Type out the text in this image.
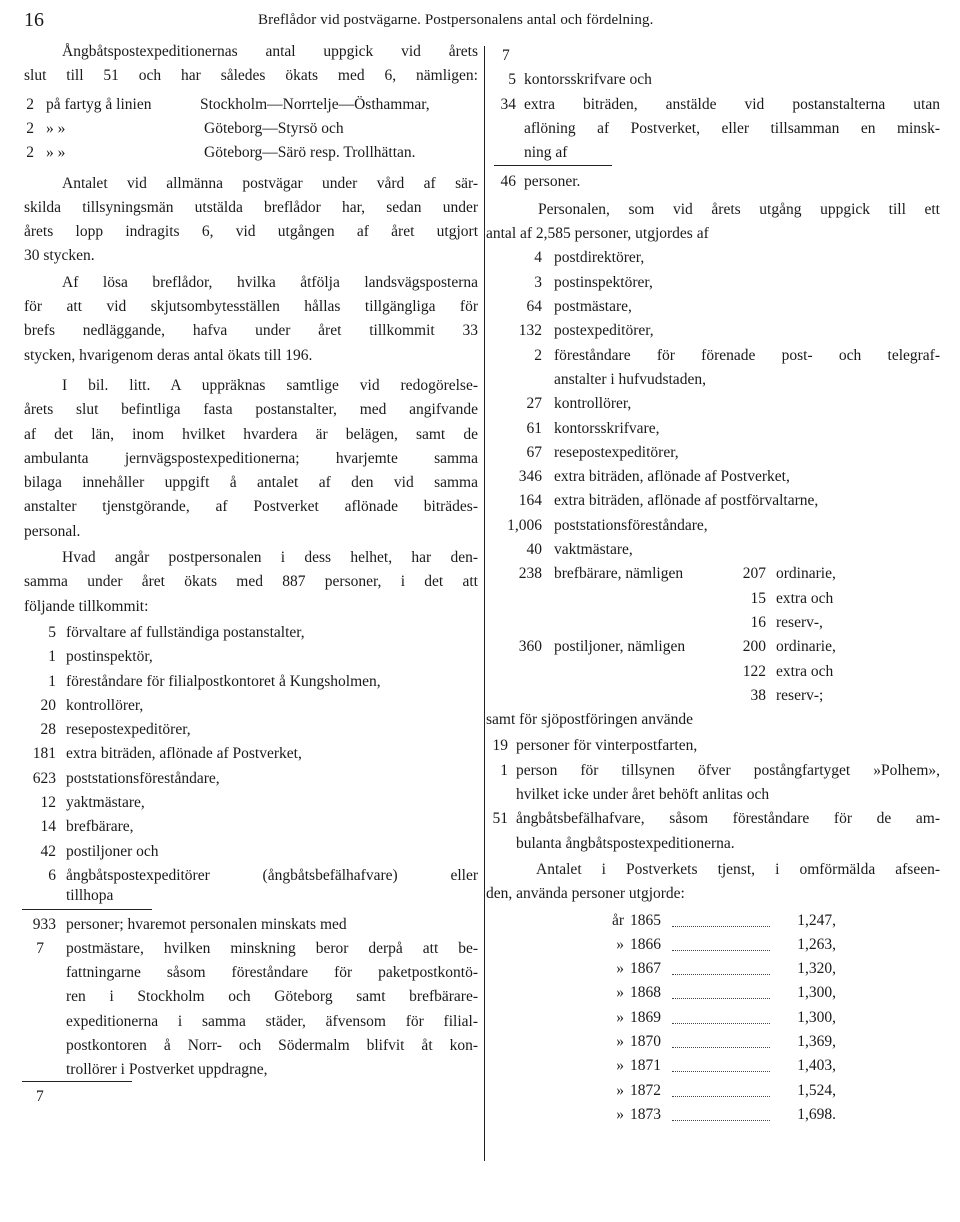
16	Breflådor vid postvägarne. Postpersonalens antal och fördelning.
Ångbåtspostexpeditionernas antal uppgick vid årets
slut till 51 och har således ökats med 6, nämligen:
2 på fartyg å linien	Stockholm—Norrtelje—Östhammar,
2 » »	Göteborg—Styrsö och
2 » »	Göteborg—Särö resp. Trollhättan.
Antalet vid allmänna postvägar under vård af sär-
skilda tillsyningsmän utstälda breflådor har, sedan under
årets lopp indragits 6, vid utgången af året utgjort
30 stycken.
Af lösa breflådor, hvilka åtfölja landsvägsposterna
för att vid skjutsombytesställen hållas tillgängliga för
brefs nedläggande, hafva under året tillkommit 33
stycken, hvarigenom deras antal ökats till 196.
I bil. litt. A uppräknas samtlige vid redogörelse-
årets slut befintliga fasta postanstalter, med angifvande
af det län, inom hvilket hvardera är belägen, samt de
ambulanta jernvägspostexpeditionerna; hvarjemte samma
bilaga innehåller uppgift å antalet af den vid samma
anstalter tjenstgörande, af Postverket aflönade biträdes-
personal.
Hvad angår postpersonalen i dess helhet, har den-
samma under året ökats med 887 personer, i det att
följande tillkommit:
5 förvaltare af fullständiga postanstalter,
1 postinspektör,
1 föreståndare för filialpostkontoret å Kungsholmen,
20 kontrollörer,
28 resepostexpeditörer,
181 extra biträden, aflönade af Postverket,
623 poststationsföreståndare,
12 yaktmästare,
14 brefbärare,
42 postiljoner och
6 ångbåtspostexpeditörer (ångbåtsbefälhafvare) eller
tillhopa
933 personer; hvaremot personalen minskats med
7 postmästare, hvilken minskning beror derpå att be-
fattningarne såsom föreståndare för paketpostkontö-
ren i Stockholm och Göteborg samt brefbärare-
expeditionerna i samma städer, äfvensom för filial-
postkontoren å Norr- och Södermalm blifvit åt kon-
trollörer i Postverket uppdragne,
7
7
5 kontorsskrifvare och
34 extra biträden, anstälde vid postanstalterna utan
aflöning af Postverket, eller tillsamman en minsk-
ning af
46 personer.
Personalen, som vid årets utgång uppgick till ett
antal af 2,585 personer, utgjordes af
4 postdirektörer,
3 postinspektörer,
64 postmästare,
132 postexpeditörer,
2 föreståndare för förenade post- och telegraf-
anstalter i hufvudstaden,
27 kontrollörer,
61 kontorsskrifvare,
67 resepostexpeditörer,
346 extra biträden, aflönade af Postverket,
164 extra biträden, aflönade af postförvaltarne,
1,006 poststationsföreståndare,
40 vaktmästare,
238 brefbärare, nämligen	207 ordinarie,
15 extra och
16 reserv-,
360 postiljoner, nämligen	200 ordinarie,
122 extra och
38 reserv-;
samt för sjöpostföringen använde
19 personer för vinterpostfarten,
1 person för tillsynen öfver postångfartyget »Polhem»,
hvilket icke under året behöft anlitas och
51 ångbåtsbefälhafvare, såsom föreståndare för de am-
bulanta ångbåtspostexpeditionerna.
Antalet i Postverkets tjenst, i omförmälda afseen-
den, använda personer utgjorde:
år 1865	1,247,
» 1866	1,263,
» 1867	1,320,
» 1868	1,300,
» 1869	1,300,
» 1870	1,369,
» 1871	1,403,
» 1872	1,524,
» 1873	1,698.
